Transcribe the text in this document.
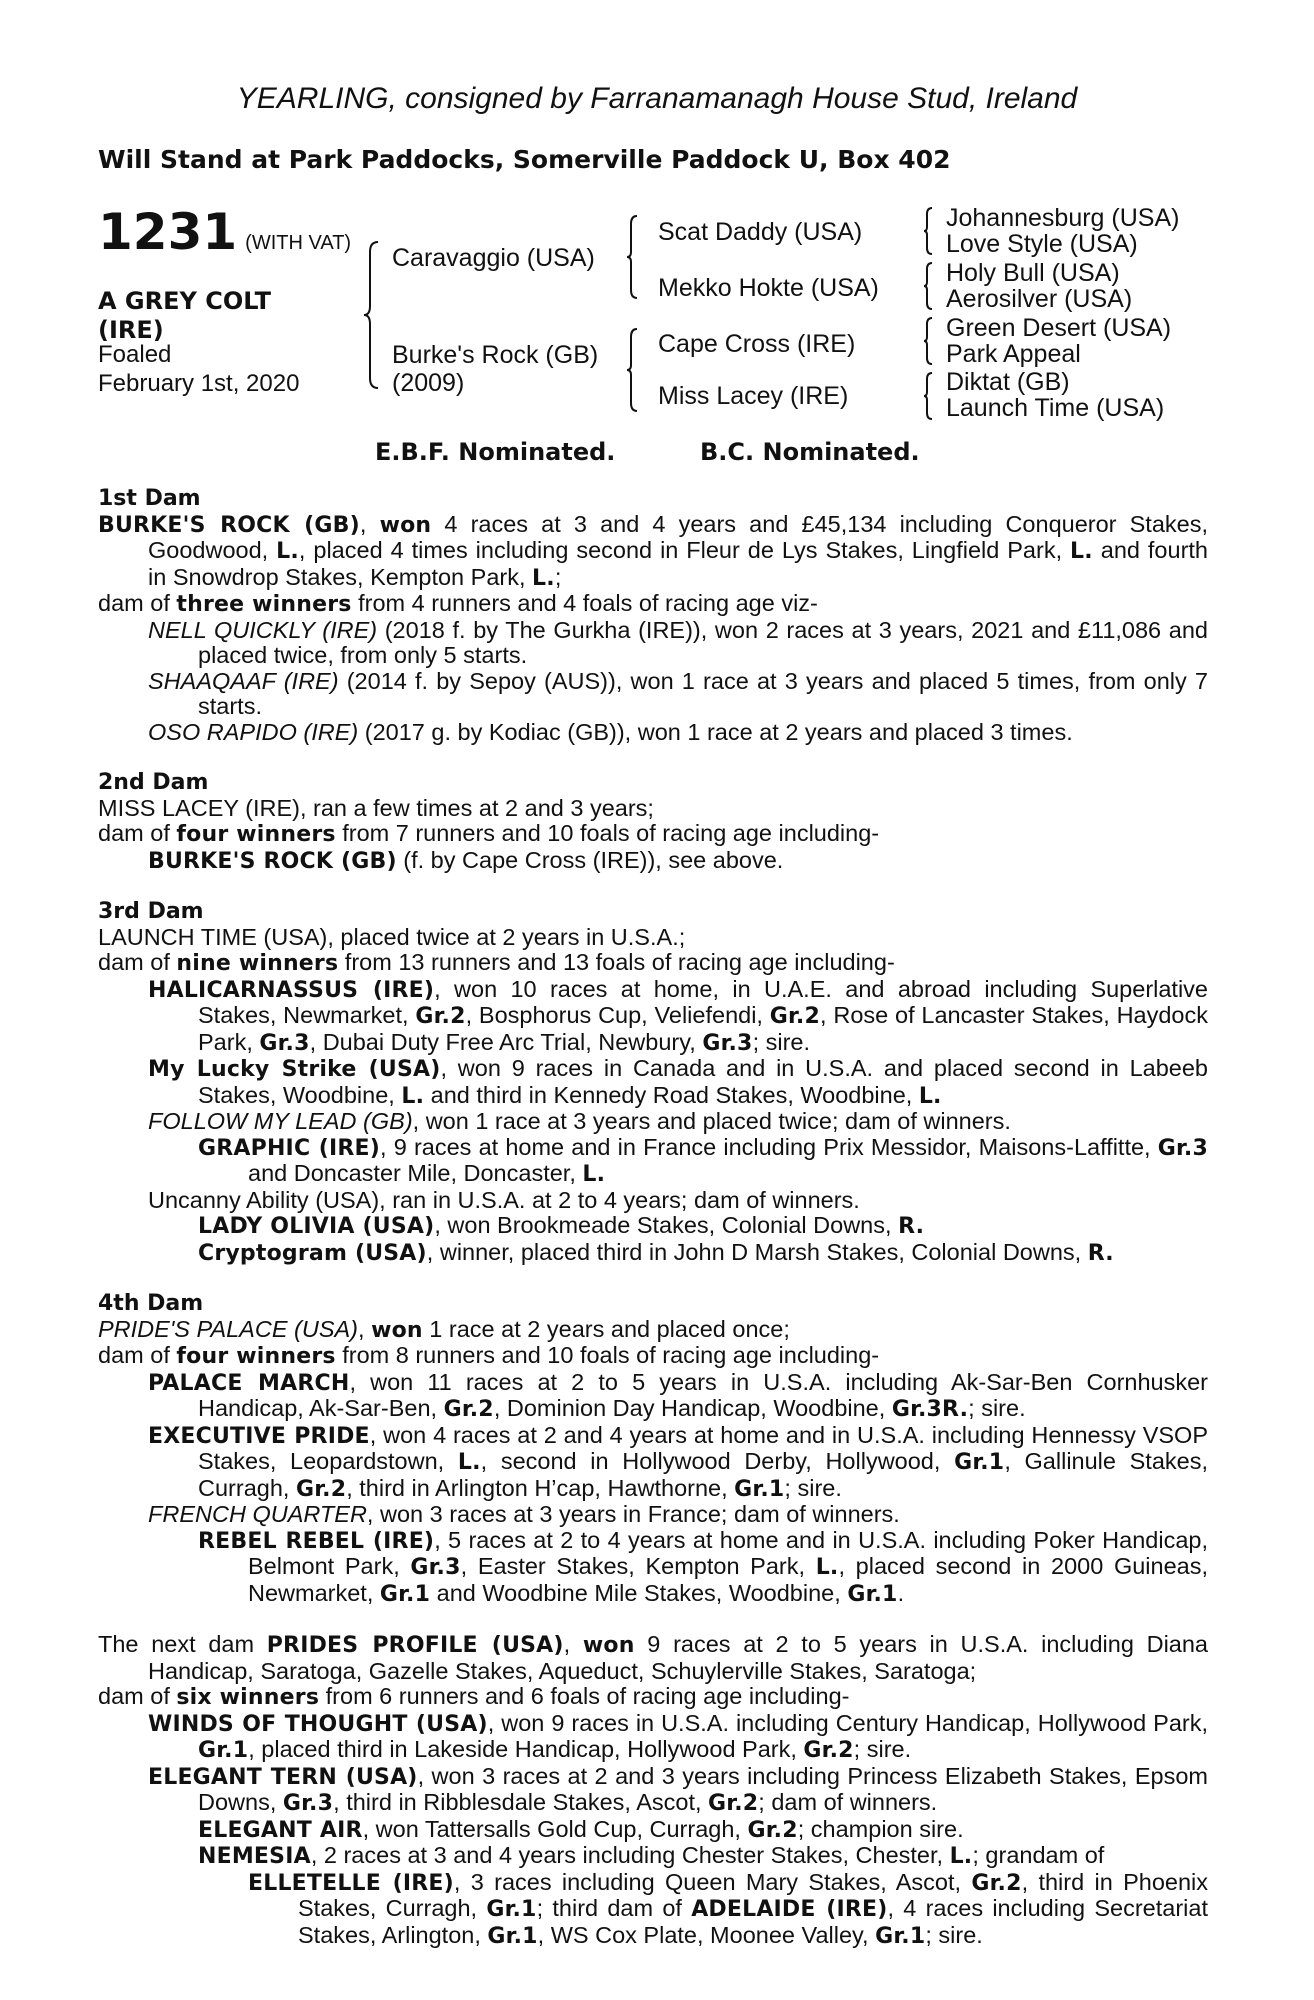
YEARLING, consigned by Farranamanagh House Stud, Ireland
Will Stand at Park Paddocks, Somerville Paddock U, Box 402
1231 (WITH VAT)
A GREY COLT
(IRE)
Foaled
February 1st, 2020
Caravaggio (USA)
Burke's Rock (GB)
(2009)
Scat Daddy (USA)
Mekko Hokte (USA)
Cape Cross (IRE)
Miss Lacey (IRE)
Johannesburg (USA)
Love Style (USA)
Holy Bull (USA)
Aerosilver (USA)
Green Desert (USA)
Park Appeal
Diktat (GB)
Launch Time (USA)
E.B.F. Nominated.	B.C. Nominated.
1st Dam
BURKE'S ROCK (GB), won 4 races at 3 and 4 years and £45,134 including Conqueror Stakes, Goodwood, L., placed 4 times including second in Fleur de Lys Stakes, Lingfield Park, L. and fourth in Snowdrop Stakes, Kempton Park, L.;
dam of three winners from 4 runners and 4 foals of racing age viz-
NELL QUICKLY (IRE) (2018 f. by The Gurkha (IRE)), won 2 races at 3 years, 2021 and £11,086 and placed twice, from only 5 starts.
SHAAQAAF (IRE) (2014 f. by Sepoy (AUS)), won 1 race at 3 years and placed 5 times, from only 7 starts.
OSO RAPIDO (IRE) (2017 g. by Kodiac (GB)), won 1 race at 2 years and placed 3 times.
2nd Dam
MISS LACEY (IRE), ran a few times at 2 and 3 years;
dam of four winners from 7 runners and 10 foals of racing age including-
BURKE'S ROCK (GB) (f. by Cape Cross (IRE)), see above.
3rd Dam
LAUNCH TIME (USA), placed twice at 2 years in U.S.A.;
dam of nine winners from 13 runners and 13 foals of racing age including-
HALICARNASSUS (IRE), won 10 races at home, in U.A.E. and abroad including Superlative Stakes, Newmarket, Gr.2, Bosphorus Cup, Veliefendi, Gr.2, Rose of Lancaster Stakes, Haydock Park, Gr.3, Dubai Duty Free Arc Trial, Newbury, Gr.3; sire.
My Lucky Strike (USA), won 9 races in Canada and in U.S.A. and placed second in Labeeb Stakes, Woodbine, L. and third in Kennedy Road Stakes, Woodbine, L.
FOLLOW MY LEAD (GB), won 1 race at 3 years and placed twice; dam of winners.
GRAPHIC (IRE), 9 races at home and in France including Prix Messidor, Maisons-Laffitte, Gr.3 and Doncaster Mile, Doncaster, L.
Uncanny Ability (USA), ran in U.S.A. at 2 to 4 years; dam of winners.
LADY OLIVIA (USA), won Brookmeade Stakes, Colonial Downs, R.
Cryptogram (USA), winner, placed third in John D Marsh Stakes, Colonial Downs, R.
4th Dam
PRIDE'S PALACE (USA), won 1 race at 2 years and placed once;
dam of four winners from 8 runners and 10 foals of racing age including-
PALACE MARCH, won 11 races at 2 to 5 years in U.S.A. including Ak-Sar-Ben Cornhusker Handicap, Ak-Sar-Ben, Gr.2, Dominion Day Handicap, Woodbine, Gr.3R.; sire.
EXECUTIVE PRIDE, won 4 races at 2 and 4 years at home and in U.S.A. including Hennessy VSOP Stakes, Leopardstown, L., second in Hollywood Derby, Hollywood, Gr.1, Gallinule Stakes, Curragh, Gr.2, third in Arlington H’cap, Hawthorne, Gr.1; sire.
FRENCH QUARTER, won 3 races at 3 years in France; dam of winners.
REBEL REBEL (IRE), 5 races at 2 to 4 years at home and in U.S.A. including Poker Handicap, Belmont Park, Gr.3, Easter Stakes, Kempton Park, L., placed second in 2000 Guineas, Newmarket, Gr.1 and Woodbine Mile Stakes, Woodbine, Gr.1.
The next dam PRIDES PROFILE (USA), won 9 races at 2 to 5 years in U.S.A. including Diana Handicap, Saratoga, Gazelle Stakes, Aqueduct, Schuylerville Stakes, Saratoga;
dam of six winners from 6 runners and 6 foals of racing age including-
WINDS OF THOUGHT (USA), won 9 races in U.S.A. including Century Handicap, Hollywood Park, Gr.1, placed third in Lakeside Handicap, Hollywood Park, Gr.2; sire.
ELEGANT TERN (USA), won 3 races at 2 and 3 years including Princess Elizabeth Stakes, Epsom Downs, Gr.3, third in Ribblesdale Stakes, Ascot, Gr.2; dam of winners.
ELEGANT AIR, won Tattersalls Gold Cup, Curragh, Gr.2; champion sire.
NEMESIA, 2 races at 3 and 4 years including Chester Stakes, Chester, L.; grandam of
ELLETELLE (IRE), 3 races including Queen Mary Stakes, Ascot, Gr.2, third in Phoenix Stakes, Curragh, Gr.1; third dam of ADELAIDE (IRE), 4 races including Secretariat Stakes, Arlington, Gr.1, WS Cox Plate, Moonee Valley, Gr.1; sire.
